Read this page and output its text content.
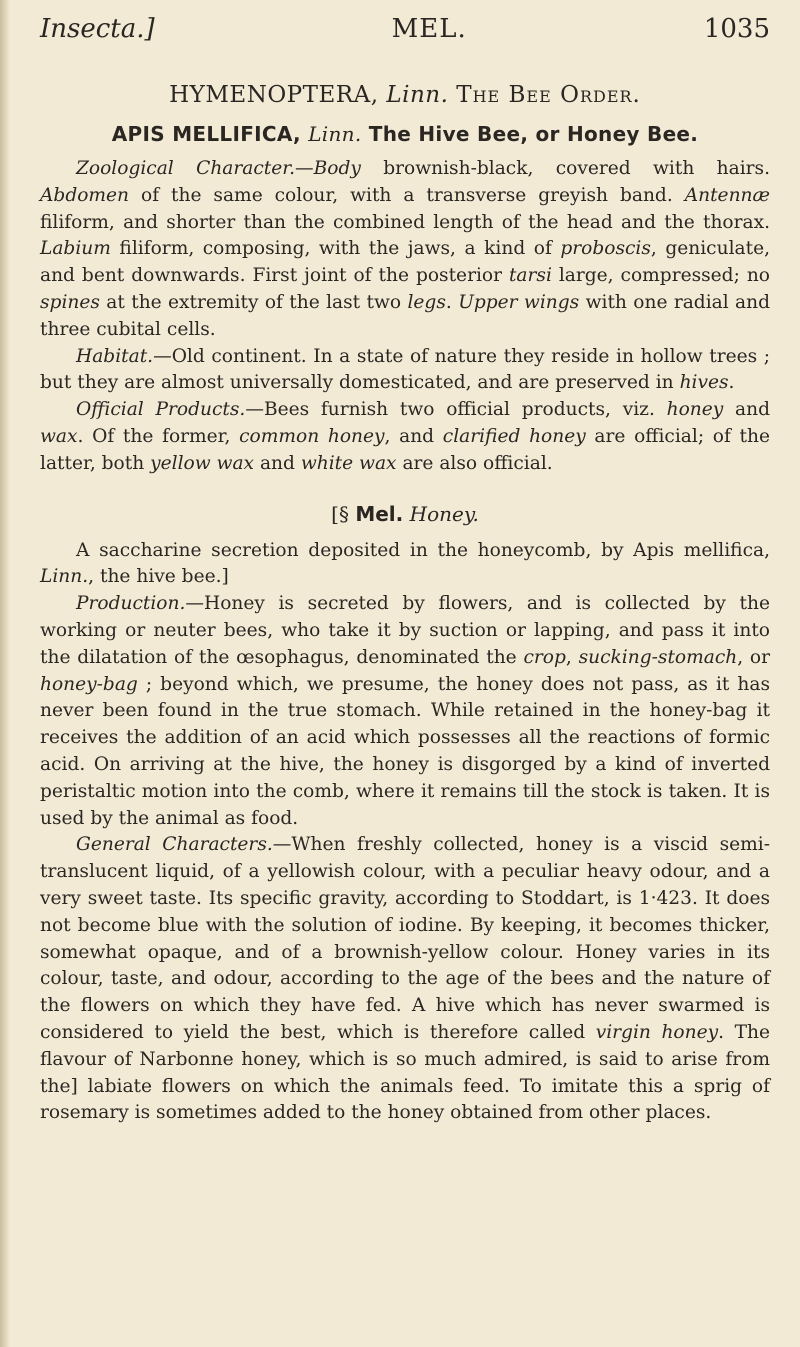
Insecta.]	MEL.	1035
HYMENOPTERA, Linn. The Bee Order.
APIS MELLIFICA, Linn. The Hive Bee, or Honey Bee.

Zoological Character.—Body brownish-black, covered with hairs. Abdomen of the same colour, with a transverse greyish band. Antennæ filiform, and shorter than the combined length of the head and the thorax. Labium filiform, composing, with the jaws, a kind of proboscis, geniculate, and bent downwards. First joint of the posterior tarsi large, compressed; no spines at the extremity of the last two legs. Upper wings with one radial and three cubital cells.

Habitat.—Old continent. In a state of nature they reside in hollow trees ; but they are almost universally domesticated, and are preserved in hives.

Official Products.—Bees furnish two official products, viz. honey and wax. Of the former, common honey, and clarified honey are official; of the latter, both yellow wax and white wax are also official.

[§ Mel. Honey.

A saccharine secretion deposited in the honeycomb, by Apis mellifica, Linn., the hive bee.]

Production.—Honey is secreted by flowers, and is collected by the working or neuter bees, who take it by suction or lapping, and pass it into the dilatation of the œsophagus, denominated the crop, sucking-stomach, or honey-bag ; beyond which, we presume, the honey does not pass, as it has never been found in the true stomach. While retained in the honey-bag it receives the addition of an acid which possesses all the reactions of formic acid. On arriving at the hive, the honey is disgorged by a kind of inverted peristaltic motion into the comb, where it remains till the stock is taken. It is used by the animal as food.

General Characters.—When freshly collected, honey is a viscid semi-translucent liquid, of a yellowish colour, with a peculiar heavy odour, and a very sweet taste. Its specific gravity, according to Stoddart, is 1·423. It does not become blue with the solution of iodine. By keeping, it becomes thicker, somewhat opaque, and of a brownish-yellow colour. Honey varies in its colour, taste, and odour, according to the age of the bees and the nature of the flowers on which they have fed. A hive which has never swarmed is considered to yield the best, which is therefore called virgin honey. The flavour of Narbonne honey, which is so much admired, is said to arise from the] labiate flowers on which the animals feed. To imitate this a sprig of rosemary is sometimes added to the honey obtained from other places.
